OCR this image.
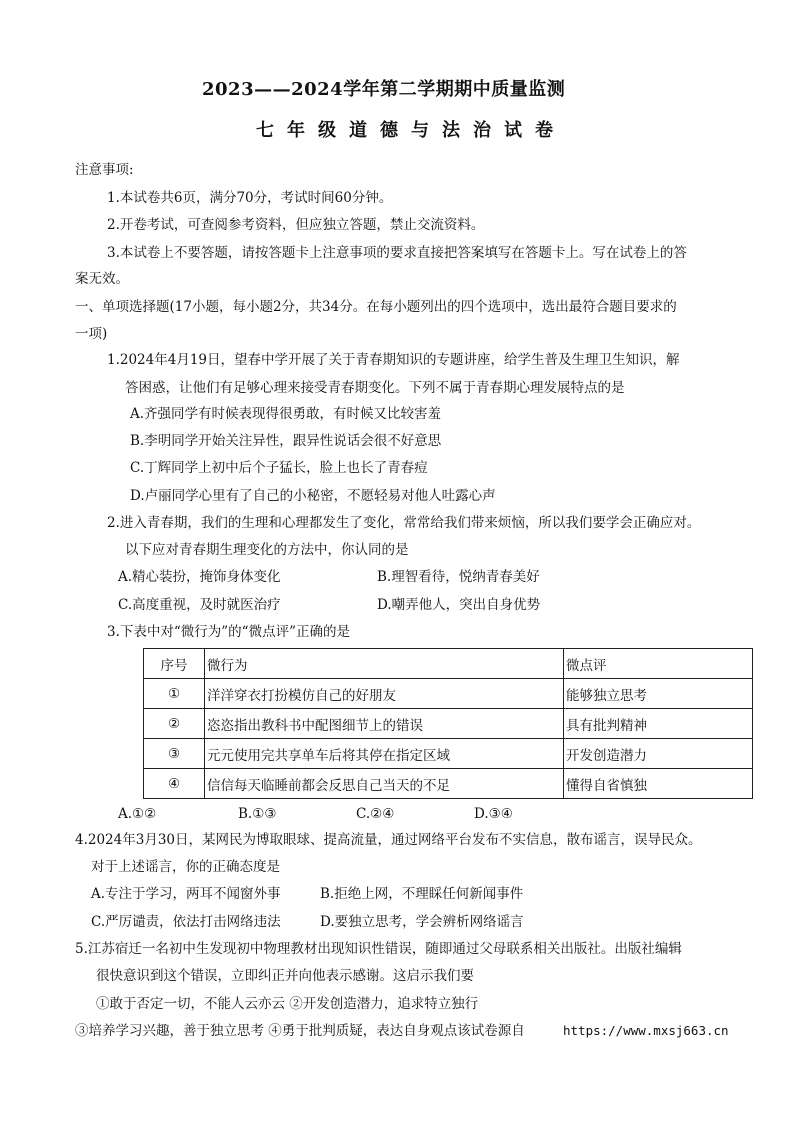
2023——2024学年第二学期期中质量监测
七年级道德与法治试卷
注意事项:
1.本试卷共6页，满分70分，考试时间60分钟。
2.开卷考试，可查阅参考资料，但应独立答题，禁止交流资料。
3.本试卷上不要答题，请按答题卡上注意事项的要求直接把答案填写在答题卡上。写在试卷上的答
案无效。
一、单项选择题(17小题，每小题2分，共34分。在每小题列出的四个选项中，选出最符合题目要求的
一项)
1.2024年4月19日，望春中学开展了关于青春期知识的专题讲座，给学生普及生理卫生知识，解
答困惑，让他们有足够心理来接受青春期变化。下列不属于青春期心理发展特点的是
A.齐强同学有时候表现得很勇敢，有时候又比较害羞
B.李明同学开始关注异性，跟异性说话会很不好意思
C.丁辉同学上初中后个子猛长，脸上也长了青春痘
D.卢丽同学心里有了自己的小秘密，不愿轻易对他人吐露心声
2.进入青春期，我们的生理和心理都发生了变化，常常给我们带来烦恼，所以我们要学会正确应对。
以下应对青春期生理变化的方法中，你认同的是
A.精心装扮，掩饰身体变化	B.理智看待，悦纳青春美好
C.高度重视，及时就医治疗	D.嘲弄他人，突出自身优势
3.下表中对“微行为”的“微点评”正确的是
序号	微行为	微点评
①	洋洋穿衣打扮模仿自己的好朋友	能够独立思考
②	恣恣指出教科书中配图细节上的错误	具有批判精神
③	元元使用完共享单车后将其停在指定区域	开发创造潜力
④	信信每天临睡前都会反思自己当天的不足	懂得自省慎独
A.①②	B.①③	C.②④	D.③④
4.2024年3月30日，某网民为博取眼球、提高流量，通过网络平台发布不实信息，散布谣言，误导民众。
对于上述谣言，你的正确态度是
A.专注于学习，两耳不闻窗外事	B.拒绝上网，不理睬任何新闻事件
C.严厉谴责，依法打击网络违法	D.要独立思考，学会辨析网络谣言
5.江苏宿迁一名初中生发现初中物理教材出现知识性错误，随即通过父母联系相关出版社。出版社编辑
很快意识到这个错误，立即纠正并向他表示感谢。这启示我们要
①敢于否定一切，不能人云亦云 ②开发创造潜力，追求特立独行
③培养学习兴趣，善于独立思考 ④勇于批判质疑，表达自身观点该试卷源自	https://www.mxsj663.cn
